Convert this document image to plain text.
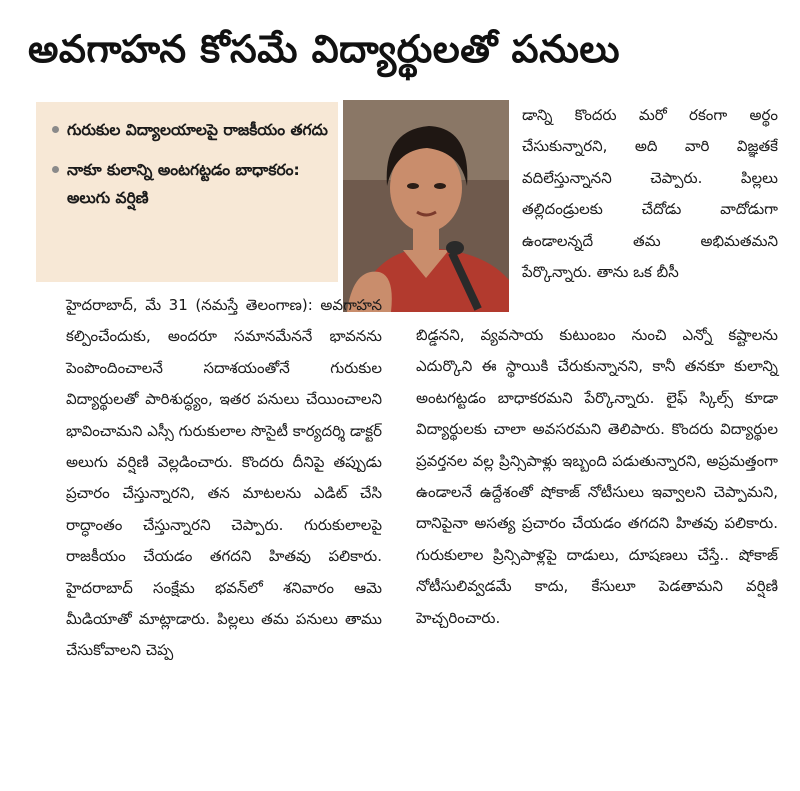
అవగాహన కోసమే విద్యార్థులతో పనులు
గురుకుల విద్యాలయాలపై రాజకీయం తగదు
నాకూ కులాన్ని అంటగట్టడం బాధాకరం: అలుగు వర్షిణి

హైదరాబాద్, మే 31 (నమస్తే తెలంగాణ): అవగాహన కల్పించేందుకు, అందరూ సమానమేననే భావనను పెంపొందించాలనే సదాశయంతోనే గురుకుల విద్యార్థులతో పారిశుద్ధ్యం, ఇతర పనులు చేయించాలని భావించామని ఎస్సీ గురుకులాల సొసైటీ కార్యదర్శి డాక్టర్ అలుగు వర్షిణి వెల్లడించారు. కొందరు దీనిపై తప్పుడు ప్రచారం చేస్తున్నారని, తన మాటలను ఎడిట్ చేసి రాద్ధాంతం చేస్తున్నారని చెప్పారు. గురుకులాలపై రాజకీయం చేయడం తగదని హితవు పలికారు. హైదరాబాద్ సంక్షేమ భవన్‌లో శనివారం ఆమె మీడియాతో మాట్లాడారు. పిల్లలు తమ పనులు తాము చేసుకోవాలని చెప్ప

డాన్ని కొందరు మరో రకంగా అర్థం చేసుకున్నారని, అది వారి విజ్ఞతకే వదిలేస్తున్నానని చెప్పారు. పిల్లలు తల్లిదండ్రులకు చేదోడు వాదోడుగా ఉండాలన్నదే తమ అభిమతమని పేర్కొన్నారు. తాను ఒక బీసీ

బిడ్డనని, వ్యవసాయ కుటుంబం నుంచి ఎన్నో కష్టాలను ఎదుర్కొని ఈ స్థాయికి చేరుకున్నానని, కానీ తనకూ కులాన్ని అంటగట్టడం బాధాకరమని పేర్కొన్నారు. లైఫ్ స్కిల్స్ కూడా విద్యార్థులకు చాలా అవసరమని తెలిపారు. కొందరు విద్యార్థుల ప్రవర్తనల వల్ల ప్రిన్సిపాళ్లు ఇబ్బంది పడుతున్నారని, అప్రమత్తంగా ఉండాలనే ఉద్దేశంతో షోకాజ్ నోటీసులు ఇవ్వాలని చెప్పామని, దానిపైనా అసత్య ప్రచారం చేయడం తగదని హితవు పలికారు. గురుకులాల ప్రిన్సిపాళ్లపై దాడులు, దూషణలు చేస్తే.. షోకాజ్ నోటీసులివ్వడమే కాదు, కేసులూ పెడతామని వర్షిణి హెచ్చరించారు.
